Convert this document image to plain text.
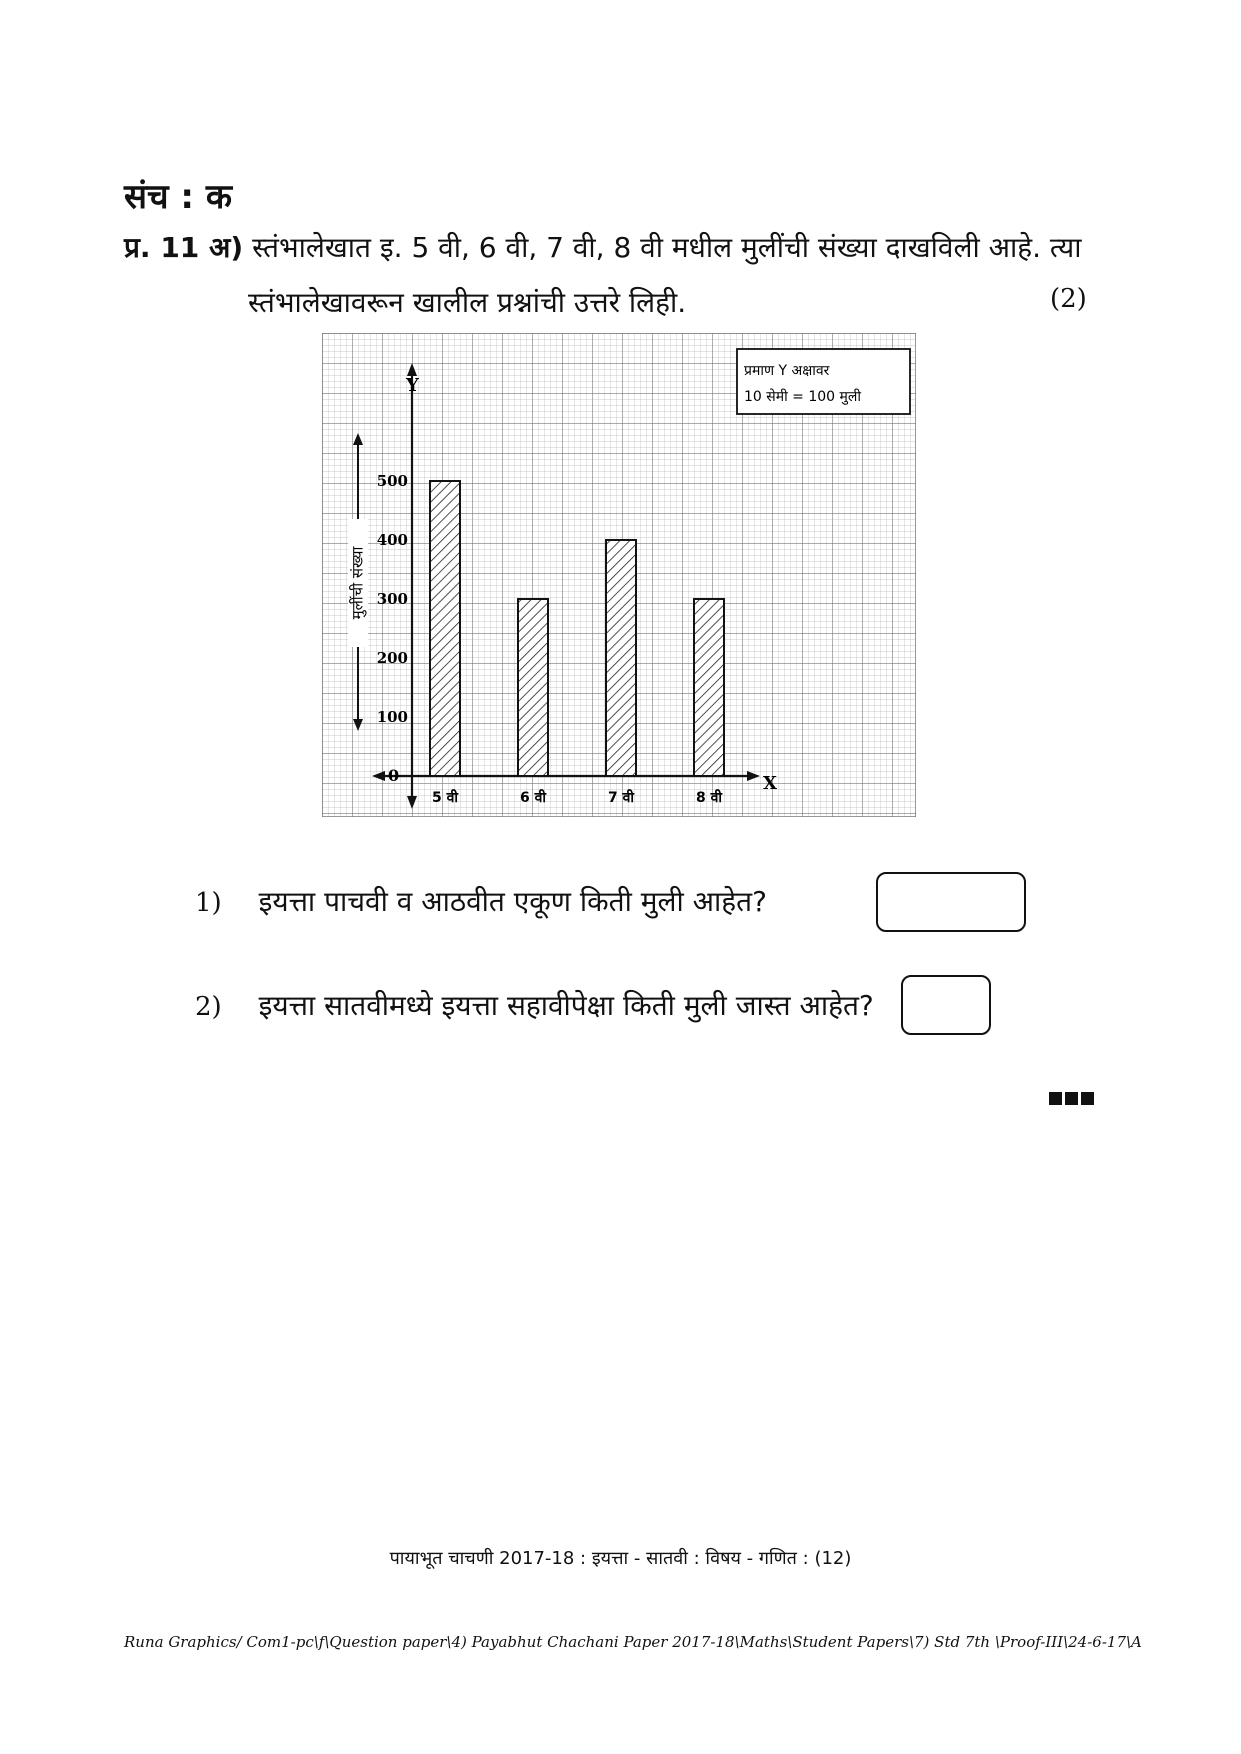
संच : क
प्र. 11 अ) स्तंभालेखात इ. 5 वी, 6 वी, 7 वी, 8 वी मधील मुलींची संख्या दाखविली आहे. त्या
स्तंभालेखावरून खालील प्रश्नांची उत्तरे लिही.	(2)
100
200
300
400
500
5 वी	6 वी	7 वी	8 वी
X
Y
0
मुलींची संख्या
प्रमाण Y अक्षावर
10 सेमी = 100 मुली
1) इयत्ता पाचवी व आठवीत एकूण किती मुली आहेत?
2) इयत्ता सातवीमध्ये इयत्ता सहावीपेक्षा किती मुली जास्त आहेत?
पायाभूत चाचणी 2017-18 : इयत्ता - सातवी : विषय - गणित : (12)
Runa Graphics/ Com1-pc\f\Question paper\4) Payabhut Chachani Paper 2017-18\Maths\Student Papers\7) Std 7th \Proof-III\24-6-17\A
